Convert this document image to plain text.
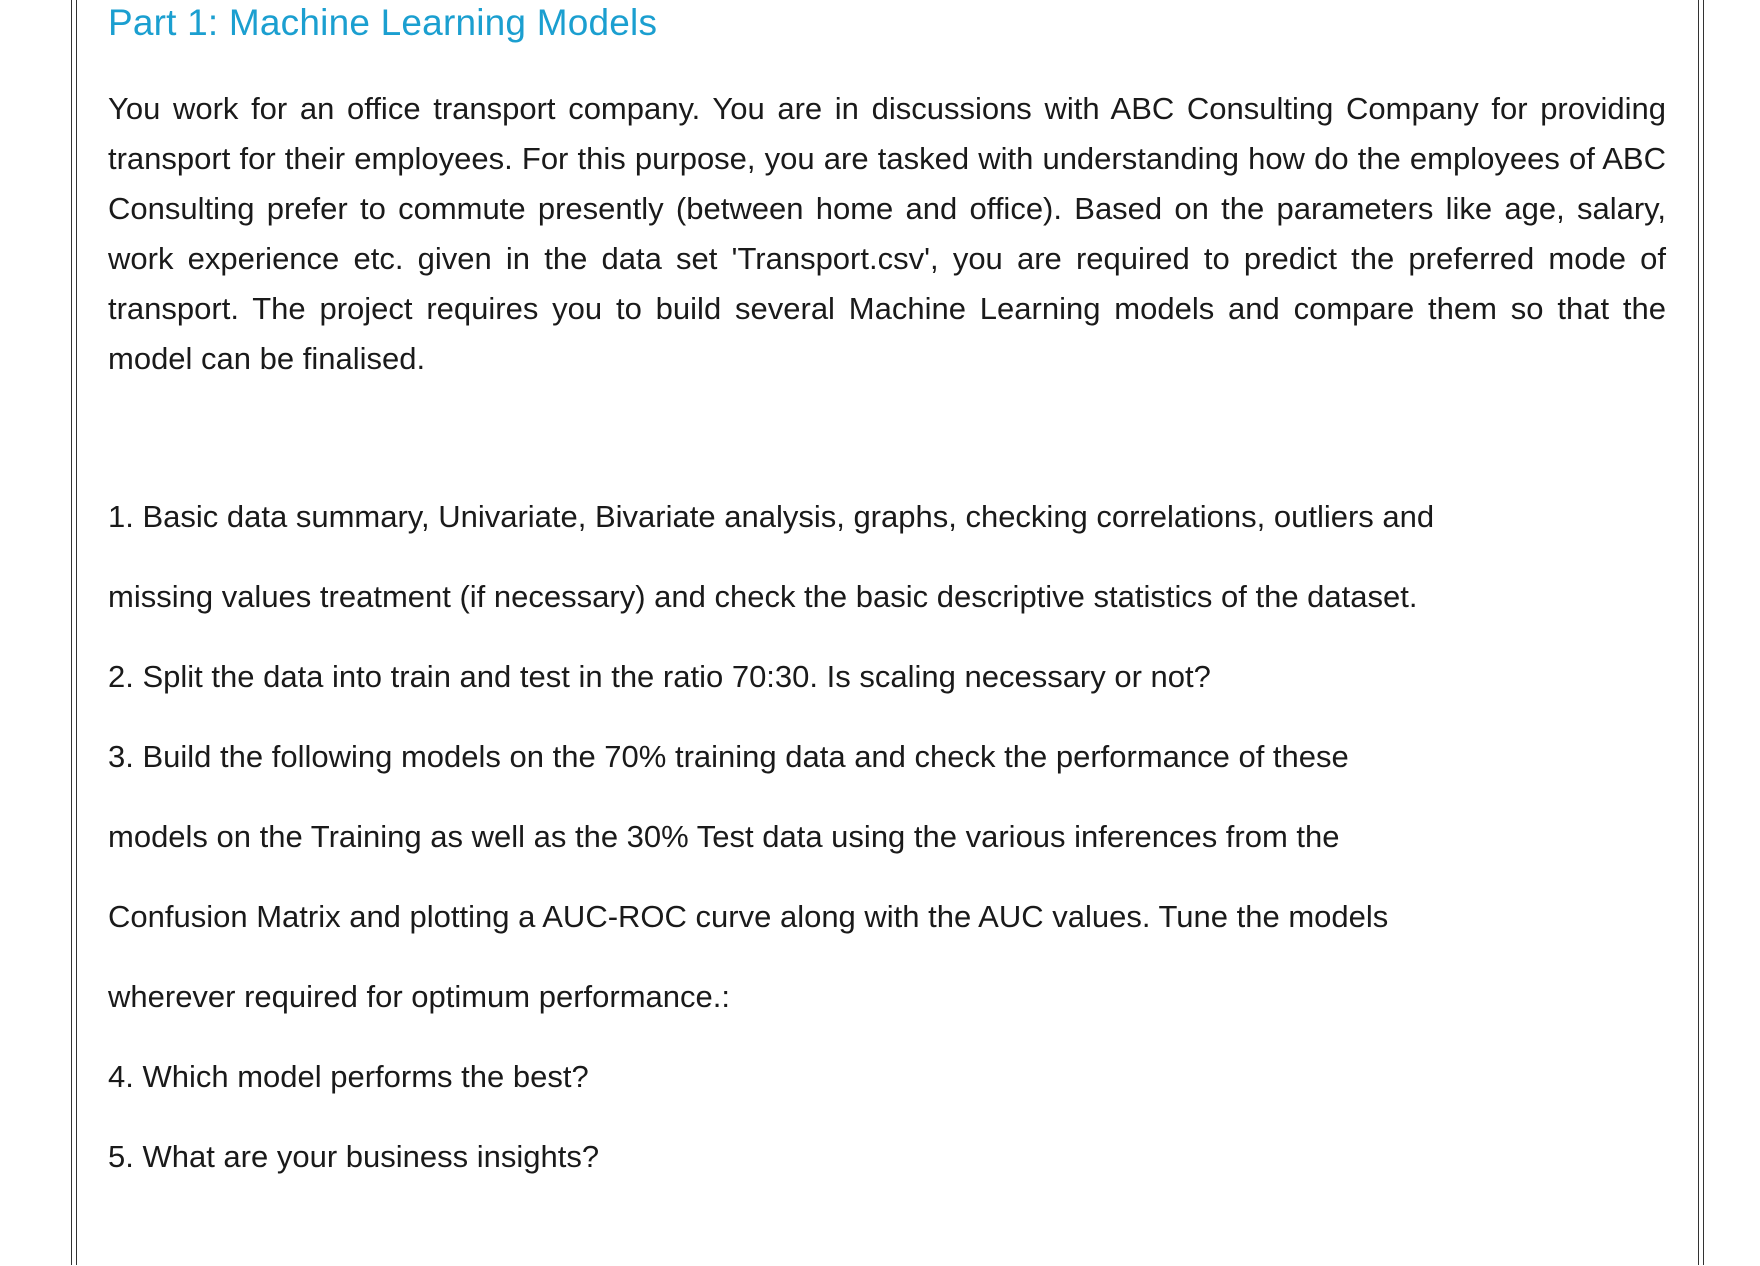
Part 1: Machine Learning Models

You work for an office transport company. You are in discussions with ABC Consulting Company for providing transport for their employees. For this purpose, you are tasked with understanding how do the employees of ABC Consulting prefer to commute presently (between home and office). Based on the parameters like age, salary, work experience etc. given in the data set 'Transport.csv', you are required to predict the preferred mode of transport. The project requires you to build several Machine Learning models and compare them so that the model can be finalised.

1. Basic data summary, Univariate, Bivariate analysis, graphs, checking correlations, outliers and
missing values treatment (if necessary) and check the basic descriptive statistics of the dataset.
2. Split the data into train and test in the ratio 70:30. Is scaling necessary or not?
3. Build the following models on the 70% training data and check the performance of these
models on the Training as well as the 30% Test data using the various inferences from the
Confusion Matrix and plotting a AUC-ROC curve along with the AUC values. Tune the models
wherever required for optimum performance.:
4. Which model performs the best?
5. What are your business insights?
